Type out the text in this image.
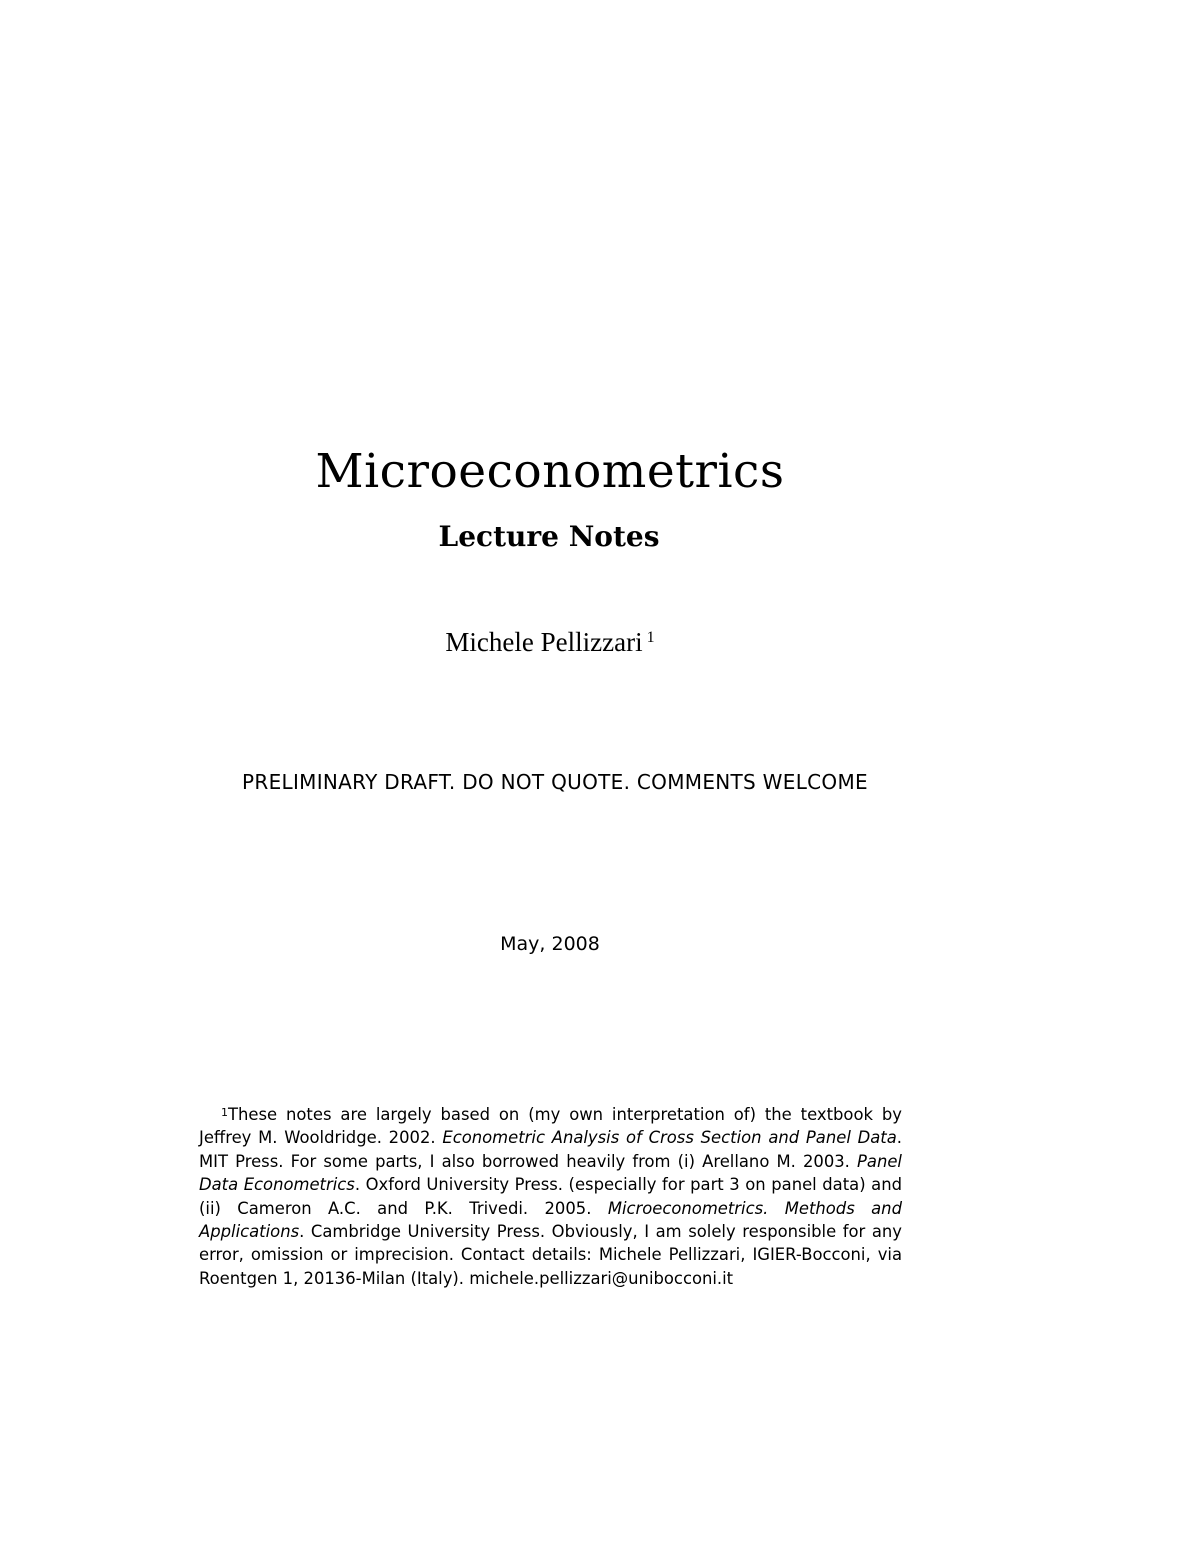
Microeconometrics
Lecture Notes
Michele Pellizzari $^1$
PRELIMINARY DRAFT. DO NOT QUOTE. COMMENTS WELCOME
May, 2008
$^1$These notes are largely based on (my own interpretation of) the textbook by Jeffrey M. Wooldridge. 2002. Econometric Analysis of Cross Section and Panel Data. MIT Press. For some parts, I also borrowed heavily from (i) Arellano M. 2003. Panel Data Econometrics. Oxford University Press. (especially for part 3 on panel data) and (ii) Cameron A.C. and P.K. Trivedi. 2005. Microeconometrics. Methods and Applications. Cambridge University Press. Obviously, I am solely responsible for any error, omission or imprecision. Contact details: Michele Pellizzari, IGIER-Bocconi, via Roentgen 1, 20136-Milan (Italy). michele.pellizzari@unibocconi.it
